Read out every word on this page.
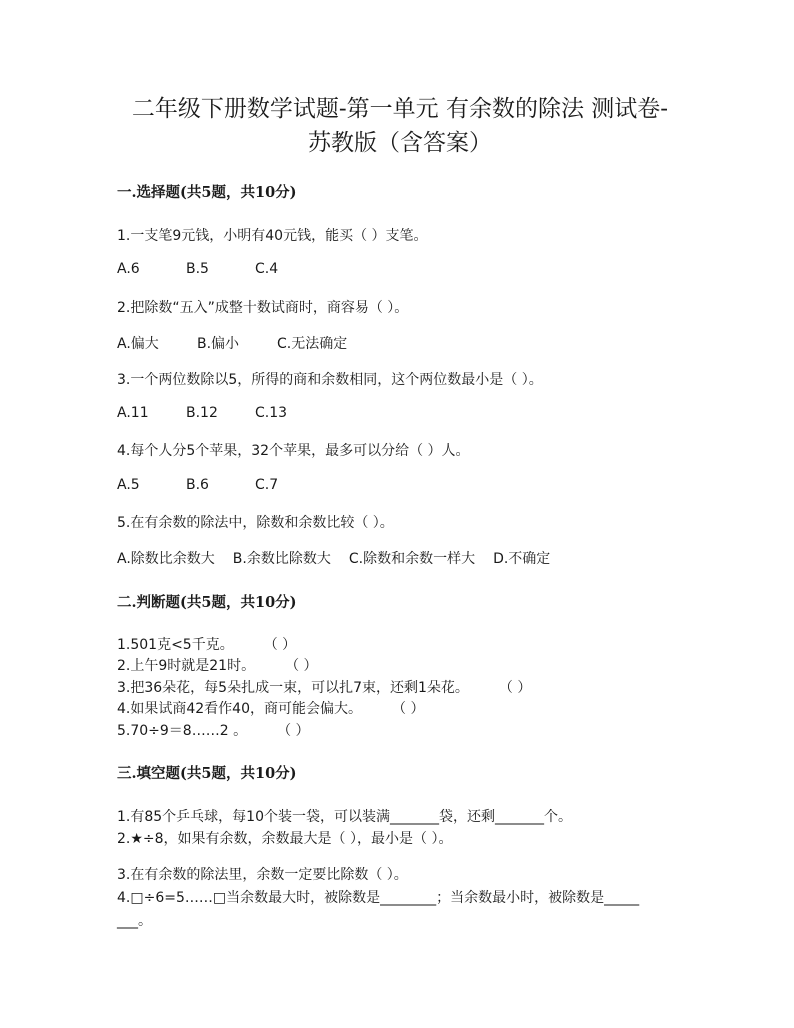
二年级下册数学试题-第一单元 有余数的除法 测试卷-
苏教版（含答案）
一.选择题(共5题，共10分)
1.一支笔9元钱，小明有40元钱，能买（ ）支笔。
A.6	B.5	C.4
2.把除数“五入”成整十数试商时，商容易（ ）。
A.偏大	B.偏小	C.无法确定
3.一个两位数除以5，所得的商和余数相同，这个两位数最小是（ ）。
A.11	B.12	C.13
4.每个人分5个苹果，32个苹果，最多可以分给（ ）人。
A.5	B.6	C.7
5.在有余数的除法中，除数和余数比较（ ）。
A.除数比余数大 B.余数比除数大 C.除数和余数一样大 D.不确定
二.判断题(共5题，共10分)
1.501克<5千克。 （ ）
2.上午9时就是21时。 （ ）
3.把36朵花，每5朵扎成一束，可以扎7束，还剩1朵花。 （ ）
4.如果试商42看作40，商可能会偏大。 （ ）
5.70÷9＝8……2 。 （ ）
三.填空题(共5题，共10分)
1.有85个乒乓球，每10个装一袋，可以装满_______袋，还剩_______个。
2.★÷8，如果有余数，余数最大是（ ），最小是（ ）。
3.在有余数的除法里，余数一定要比除数（ ）。
4.□÷6=5……□当余数最大时，被除数是________；当余数最小时，被除数是_____
___。
